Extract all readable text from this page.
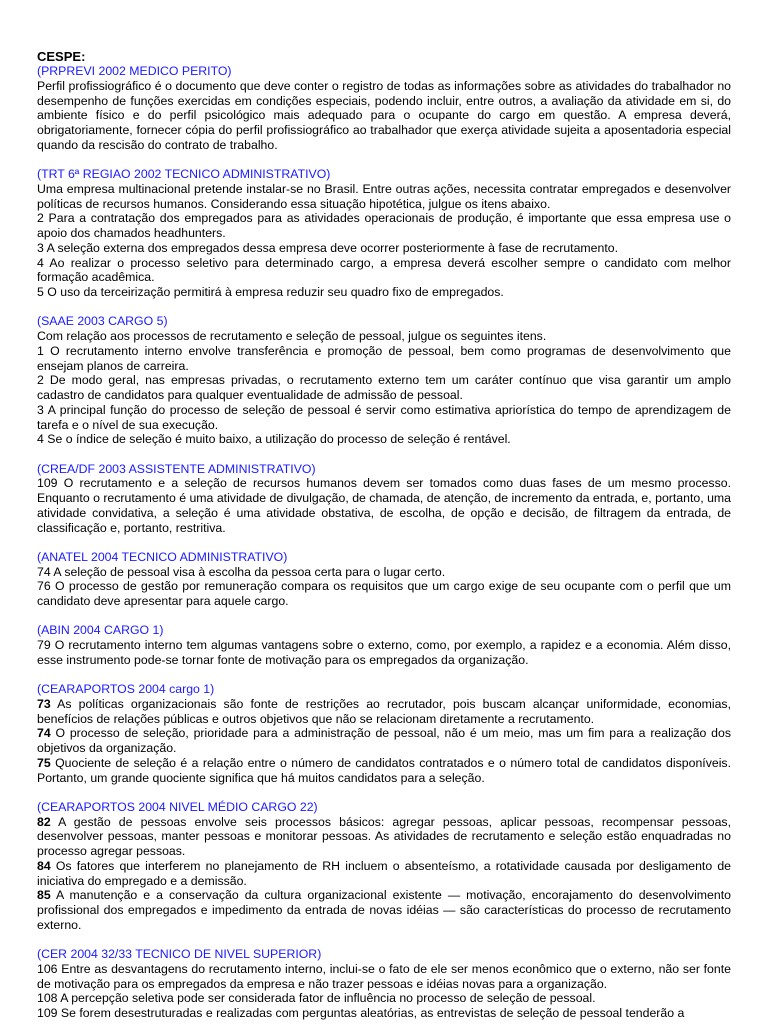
CESPE:
(PRPREVI 2002 MEDICO PERITO)
Perfil profissiográfico é o documento que deve conter o registro de todas as informações sobre as atividades do trabalhador no desempenho de funções exercidas em condições especiais, podendo incluir, entre outros, a avaliação da atividade em si, do ambiente físico e do perfil psicológico mais adequado para o ocupante do cargo em questão. A empresa deverá, obrigatoriamente, fornecer cópia do perfil profissiográfico ao trabalhador que exerça atividade sujeita a aposentadoria especial quando da rescisão do contrato de trabalho.
(TRT 6ª REGIAO 2002 TECNICO ADMINISTRATIVO)
Uma empresa multinacional pretende instalar-se no Brasil. Entre outras ações, necessita contratar empregados e desenvolver políticas de recursos humanos. Considerando essa situação hipotética, julgue os itens abaixo.
2 Para a contratação dos empregados para as atividades operacionais de produção, é importante que essa empresa use o apoio dos chamados headhunters.
3 A seleção externa dos empregados dessa empresa deve ocorrer posteriormente à fase de recrutamento.
4 Ao realizar o processo seletivo para determinado cargo, a empresa deverá escolher sempre o candidato com melhor formação acadêmica.
5 O uso da terceirização permitirá à empresa reduzir seu quadro fixo de empregados.
(SAAE 2003 CARGO 5)
Com relação aos processos de recrutamento e seleção de pessoal, julgue os seguintes itens.
1 O recrutamento interno envolve transferência e promoção de pessoal, bem como programas de desenvolvimento que ensejam planos de carreira.
2 De modo geral, nas empresas privadas, o recrutamento externo tem um caráter contínuo que visa garantir um amplo cadastro de candidatos para qualquer eventualidade de admissão de pessoal.
3 A principal função do processo de seleção de pessoal é servir como estimativa apriorística do tempo de aprendizagem de tarefa e o nível de sua execução.
4 Se o índice de seleção é muito baixo, a utilização do processo de seleção é rentável.
(CREA/DF 2003 ASSISTENTE ADMINISTRATIVO)
109 O recrutamento e a seleção de recursos humanos devem ser tomados como duas fases de um mesmo processo. Enquanto o recrutamento é uma atividade de divulgação, de chamada, de atenção, de incremento da entrada, e, portanto, uma atividade convidativa, a seleção é uma atividade obstativa, de escolha, de opção e decisão, de filtragem da entrada, de classificação e, portanto, restritiva.
(ANATEL 2004 TECNICO ADMINISTRATIVO)
74 A seleção de pessoal visa à escolha da pessoa certa para o lugar certo.
76 O processo de gestão por remuneração compara os requisitos que um cargo exige de seu ocupante com o perfil que um candidato deve apresentar para aquele cargo.
(ABIN 2004 CARGO 1)
79 O recrutamento interno tem algumas vantagens sobre o externo, como, por exemplo, a rapidez e a economia. Além disso, esse instrumento pode-se tornar fonte de motivação para os empregados da organização.
(CEARAPORTOS 2004 cargo 1)
73 As políticas organizacionais são fonte de restrições ao recrutador, pois buscam alcançar uniformidade, economias, benefícios de relações públicas e outros objetivos que não se relacionam diretamente a recrutamento.
74 O processo de seleção, prioridade para a administração de pessoal, não é um meio, mas um fim para a realização dos objetivos da organização.
75 Quociente de seleção é a relação entre o número de candidatos contratados e o número total de candidatos disponíveis. Portanto, um grande quociente significa que há muitos candidatos para a seleção.
(CEARAPORTOS 2004 NIVEL MÉDIO CARGO 22)
82 A gestão de pessoas envolve seis processos básicos: agregar pessoas, aplicar pessoas, recompensar pessoas, desenvolver pessoas, manter pessoas e monitorar pessoas. As atividades de recrutamento e seleção estão enquadradas no processo agregar pessoas.
84 Os fatores que interferem no planejamento de RH incluem o absenteísmo, a rotatividade causada por desligamento de iniciativa do empregado e a demissão.
85 A manutenção e a conservação da cultura organizacional existente — motivação, encorajamento do desenvolvimento profissional dos empregados e impedimento da entrada de novas idéias — são características do processo de recrutamento externo.
(CER 2004 32/33 TECNICO DE NIVEL SUPERIOR)
106 Entre as desvantagens do recrutamento interno, inclui-se o fato de ele ser menos econômico que o externo, não ser fonte de motivação para os empregados da empresa e não trazer pessoas e idéias novas para a organização.
108 A percepção seletiva pode ser considerada fator de influência no processo de seleção de pessoal.
109 Se forem desestruturadas e realizadas com perguntas aleatórias, as entrevistas de seleção de pessoal tenderão a
